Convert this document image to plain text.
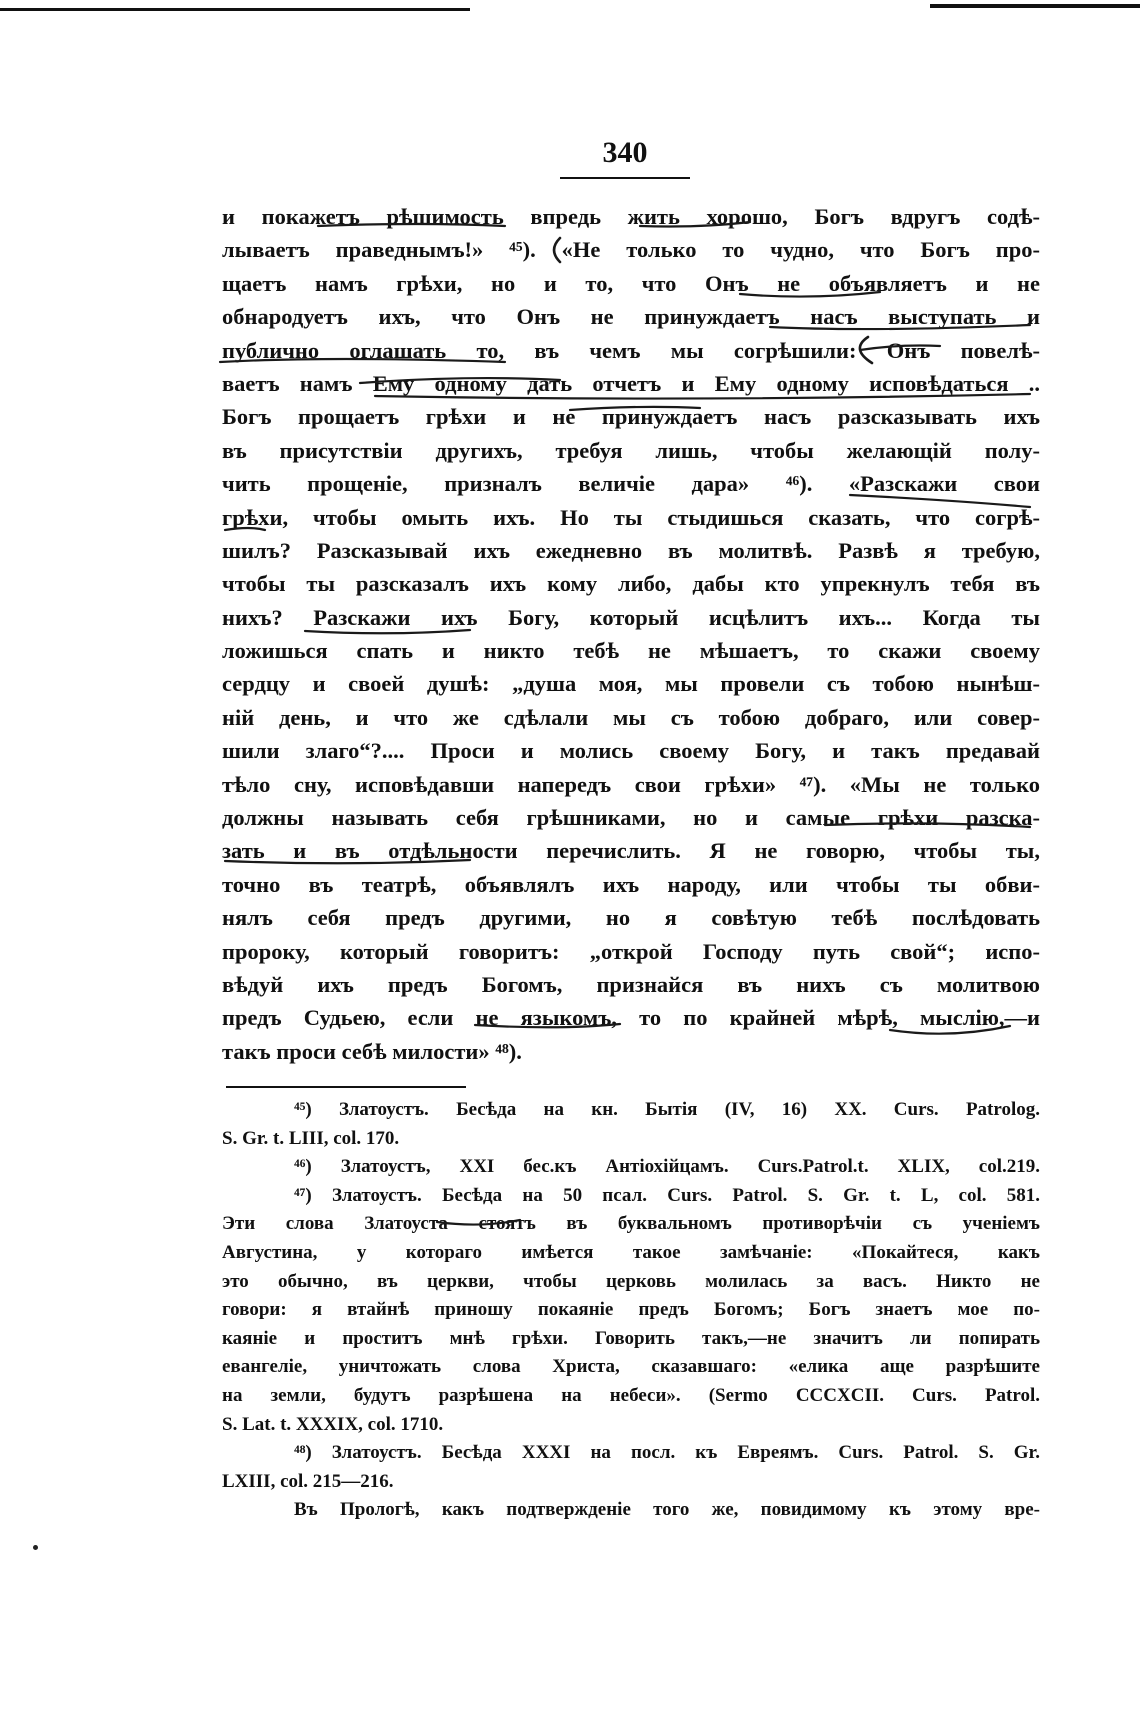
340
и покажетъ рѣшимость впредь жить хорошо, Богъ вдругъ содѣ-
лываетъ праведнымъ!» ⁴⁵). «Не только то чудно, что Богъ про-
щаетъ намъ грѣхи, но и то, что Онъ не объявляетъ и не
обнародуетъ ихъ, что Онъ не принуждаетъ насъ выступать и
публично оглашать то, въ чемъ мы согрѣшили: Онъ повелѣ-
ваетъ намъ Ему одному дать отчетъ и Ему одному исповѣдаться ..
Богъ прощаетъ грѣхи и не принуждаетъ насъ разсказывать ихъ
въ присутствіи другихъ, требуя лишь, чтобы желающій полу-
чить прощеніе, призналъ величіе дара» ⁴⁶). «Разскажи свои
грѣхи, чтобы омыть ихъ. Но ты стыдишься сказать, что согрѣ-
шилъ? Разсказывай ихъ ежедневно въ молитвѣ. Развѣ я требую,
чтобы ты разсказалъ ихъ кому либо, дабы кто упрекнулъ тебя въ
нихъ? Разскажи ихъ Богу, который исцѣлитъ ихъ... Когда ты
ложишься спать и никто тебѣ не мѣшаетъ, то скажи своему
сердцу и своей душѣ: „душа моя, мы провели съ тобою нынѣш-
ній день, и что же сдѣлали мы съ тобою добраго, или совер-
шили злаго“?.... Проси и молись своему Богу, и такъ предавай
тѣло сну, исповѣдавши напередъ свои грѣхи» ⁴⁷). «Мы не только
должны называть себя грѣшниками, но и самые грѣхи разска-
зать и въ отдѣльности перечислить. Я не говорю, чтобы ты,
точно въ театрѣ, объявлялъ ихъ народу, или чтобы ты обви-
нялъ себя предъ другими, но я совѣтую тебѣ послѣдовать
пророку, который говоритъ: „открой Господу путь свой“; испо-
вѣдуй ихъ предъ Богомъ, признайся въ нихъ съ молитвою
предъ Судьею, если не языкомъ, то по крайней мѣрѣ, мыслію,—и
такъ проси себѣ милости» ⁴⁸).
⁴⁵) Златоустъ. Бесѣда на кн. Бытія (IV, 16) XX. Curs. Patrolog.
S. Gr. t. LIII, col. 170.
⁴⁶) Златоустъ, XXI бес.къ Антіохійцамъ. Curs.Patrol.t. XLIX, col.219.
⁴⁷) Златоустъ. Бесѣда на 50 псал. Curs. Patrol. S. Gr. t. L, col. 581.
Эти слова Златоуста стоятъ въ буквальномъ противорѣчіи съ ученіемъ
Августина, у котораго имѣется такое замѣчаніе: «Покайтеся, какъ
это обычно, въ церкви, чтобы церковь молилась за васъ. Никто не
говори: я втайнѣ приношу покаяніе предъ Богомъ; Богъ знаетъ мое по-
каяніе и проститъ мнѣ грѣхи. Говорить такъ,—не значитъ ли попирать
евангеліе, уничтожать слова Христа, сказавшаго: «елика аще разрѣшите
на земли, будутъ разрѣшена на небеси». (Sermo CCCXCII. Curs. Patrol.
S. Lat. t. XXXIX, col. 1710.
⁴⁸) Златоустъ. Бесѣда XXXI на посл. къ Евреямъ. Curs. Patrol. S. Gr.
LXIII, col. 215—216.
Въ Прологѣ, какъ подтвержденіе того же, повидимому къ этому вре-
